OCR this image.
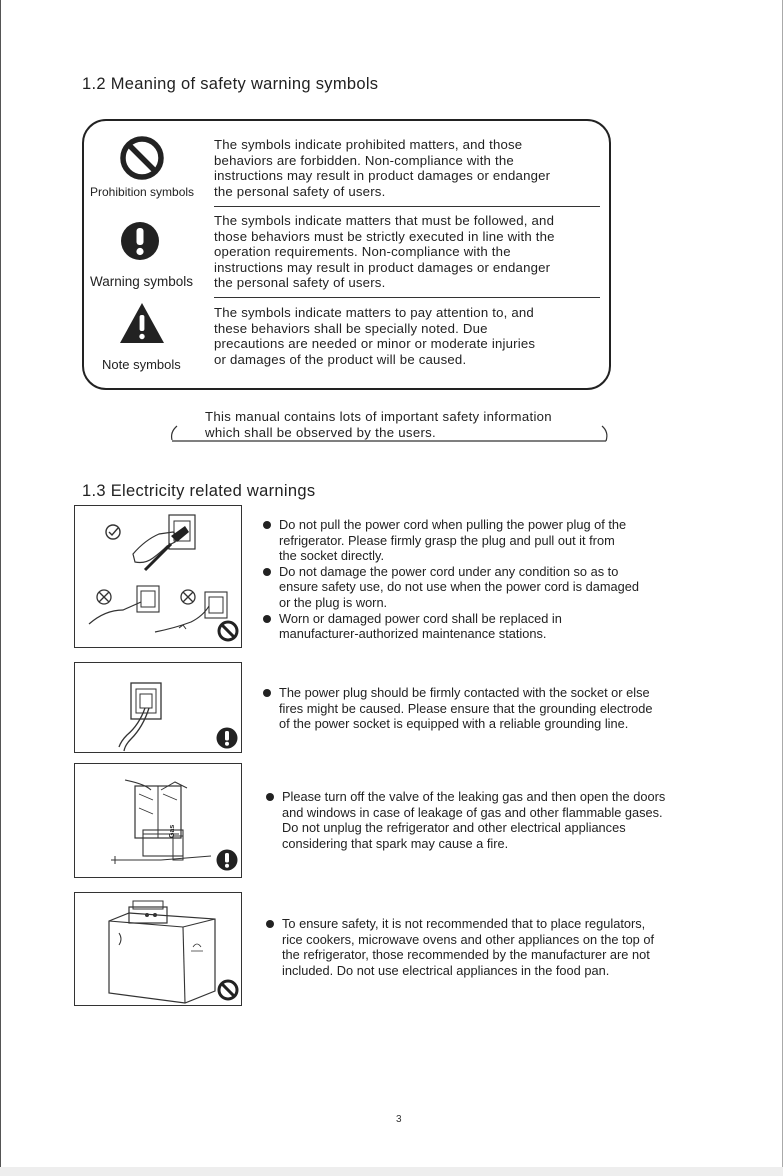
1.2 Meaning of safety warning symbols
Prohibition symbols
The symbols indicate prohibited matters, and those
behaviors are forbidden. Non-compliance with the
instructions may result in product damages or endanger
the personal safety of users.
Warning symbols
The symbols indicate matters that must be followed, and
those behaviors must be strictly executed in line with the
operation requirements. Non-compliance with the
instructions may result in product damages or endanger
the personal safety of users.
Note symbols
The symbols indicate matters to pay attention to, and
these behaviors shall be specially noted. Due
precautions are needed or minor or moderate injuries
or damages of the product will be caused.
This manual contains lots of important safety information
which shall be observed by the users.
1.3 Electricity related warnings
Do not pull the power cord when pulling the power plug of the
refrigerator. Please firmly grasp the plug and pull out it from
the socket directly.
Do not damage the power cord under any condition so as to
ensure safety use, do not use when the power cord is damaged
or the plug is worn.
Worn or damaged power cord shall be replaced in
manufacturer-authorized maintenance stations.
The power plug should be firmly contacted with the socket or else
fires might be caused. Please ensure that the grounding electrode
of the power socket is equipped with a reliable grounding line.
Gas
Please turn off the valve of the leaking gas and then open the doors
and windows in case of leakage of gas and other flammable gases.
Do not unplug the refrigerator and other electrical appliances
considering that spark may cause a fire.
To ensure safety, it is not recommended that to place regulators,
rice cookers, microwave ovens and other appliances on the top of
the refrigerator, those recommended by the manufacturer are not
included. Do not use electrical appliances in the food pan.
3
